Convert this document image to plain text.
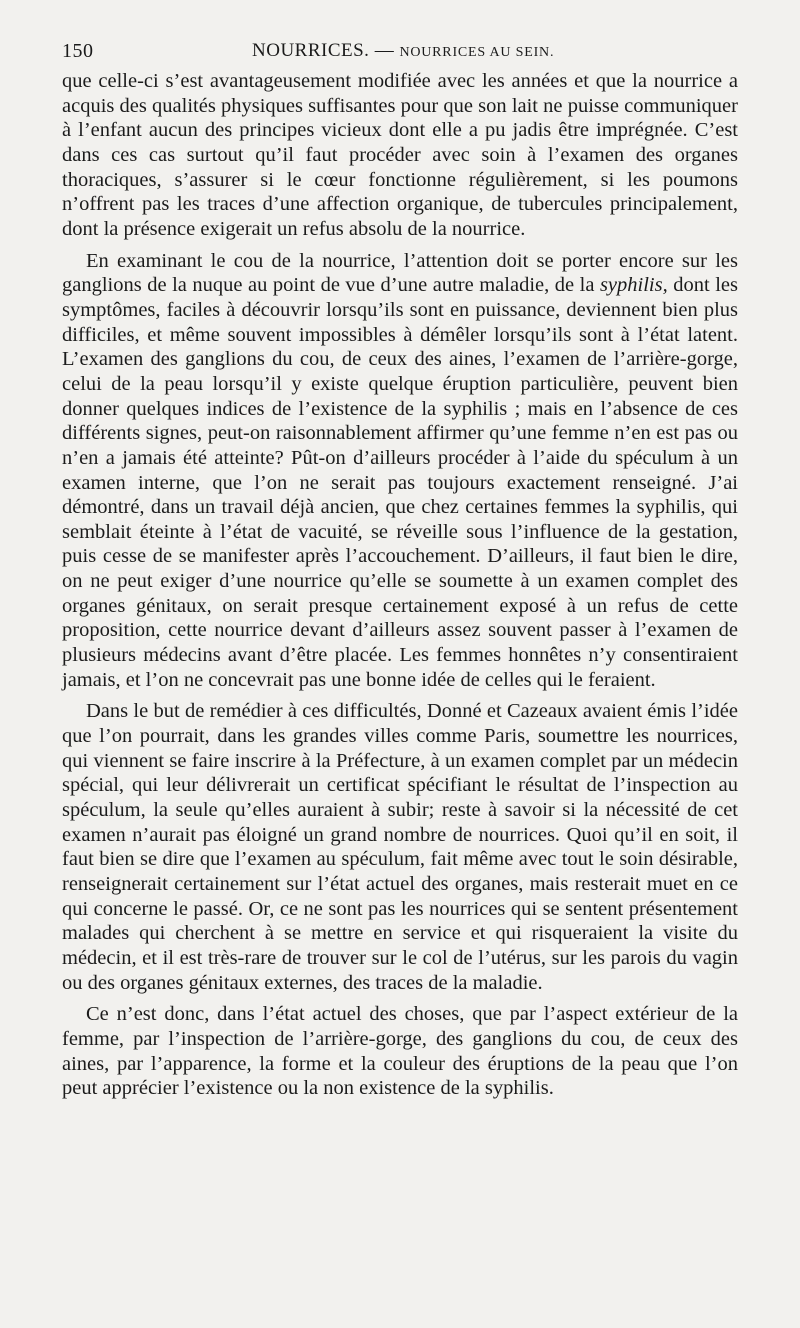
150	NOURRICES. — NOURRICES AU SEIN.

que celle-ci s’est avantageusement modifiée avec les années et que la nourrice a acquis des qualités physiques suffisantes pour que son lait ne puisse communiquer à l’enfant aucun des principes vicieux dont elle a pu jadis être imprégnée. C’est dans ces cas surtout qu’il faut procéder avec soin à l’examen des organes thoraciques, s’assurer si le cœur fonctionne régulièrement, si les poumons n’offrent pas les traces d’une affection organique, de tubercules principalement, dont la présence exigerait un refus absolu de la nourrice.

En examinant le cou de la nourrice, l’attention doit se porter encore sur les ganglions de la nuque au point de vue d’une autre maladie, de la syphilis, dont les symptômes, faciles à découvrir lorsqu’ils sont en puissance, deviennent bien plus difficiles, et même souvent impossibles à démêler lorsqu’ils sont à l’état latent. L’examen des ganglions du cou, de ceux des aines, l’examen de l’arrière-gorge, celui de la peau lorsqu’il y existe quelque éruption particulière, peuvent bien donner quelques indices de l’existence de la syphilis ; mais en l’absence de ces différents signes, peut-on raisonnablement affirmer qu’une femme n’en est pas ou n’en a jamais été atteinte? Pût-on d’ailleurs procéder à l’aide du spéculum à un examen interne, que l’on ne serait pas toujours exactement renseigné. J’ai démontré, dans un travail déjà ancien, que chez certaines femmes la syphilis, qui semblait éteinte à l’état de vacuité, se réveille sous l’influence de la gestation, puis cesse de se manifester après l’accouchement. D’ailleurs, il faut bien le dire, on ne peut exiger d’une nourrice qu’elle se soumette à un examen complet des organes génitaux, on serait presque certainement exposé à un refus de cette proposition, cette nourrice devant d’ailleurs assez souvent passer à l’examen de plusieurs médecins avant d’être placée. Les femmes honnêtes n’y consentiraient jamais, et l’on ne concevrait pas une bonne idée de celles qui le feraient.

Dans le but de remédier à ces difficultés, Donné et Cazeaux avaient émis l’idée que l’on pourrait, dans les grandes villes comme Paris, soumettre les nourrices, qui viennent se faire inscrire à la Préfecture, à un examen complet par un médecin spécial, qui leur délivrerait un certificat spécifiant le résultat de l’inspection au spéculum, la seule qu’elles auraient à subir; reste à savoir si la nécessité de cet examen n’aurait pas éloigné un grand nombre de nourrices. Quoi qu’il en soit, il faut bien se dire que l’examen au spéculum, fait même avec tout le soin désirable, renseignerait certainement sur l’état actuel des organes, mais resterait muet en ce qui concerne le passé. Or, ce ne sont pas les nourrices qui se sentent présentement malades qui cherchent à se mettre en service et qui risqueraient la visite du médecin, et il est très-rare de trouver sur le col de l’utérus, sur les parois du vagin ou des organes génitaux externes, des traces de la maladie.

Ce n’est donc, dans l’état actuel des choses, que par l’aspect extérieur de la femme, par l’inspection de l’arrière-gorge, des ganglions du cou, de ceux des aines, par l’apparence, la forme et la couleur des éruptions de la peau que l’on peut apprécier l’existence ou la non existence de la syphilis.
